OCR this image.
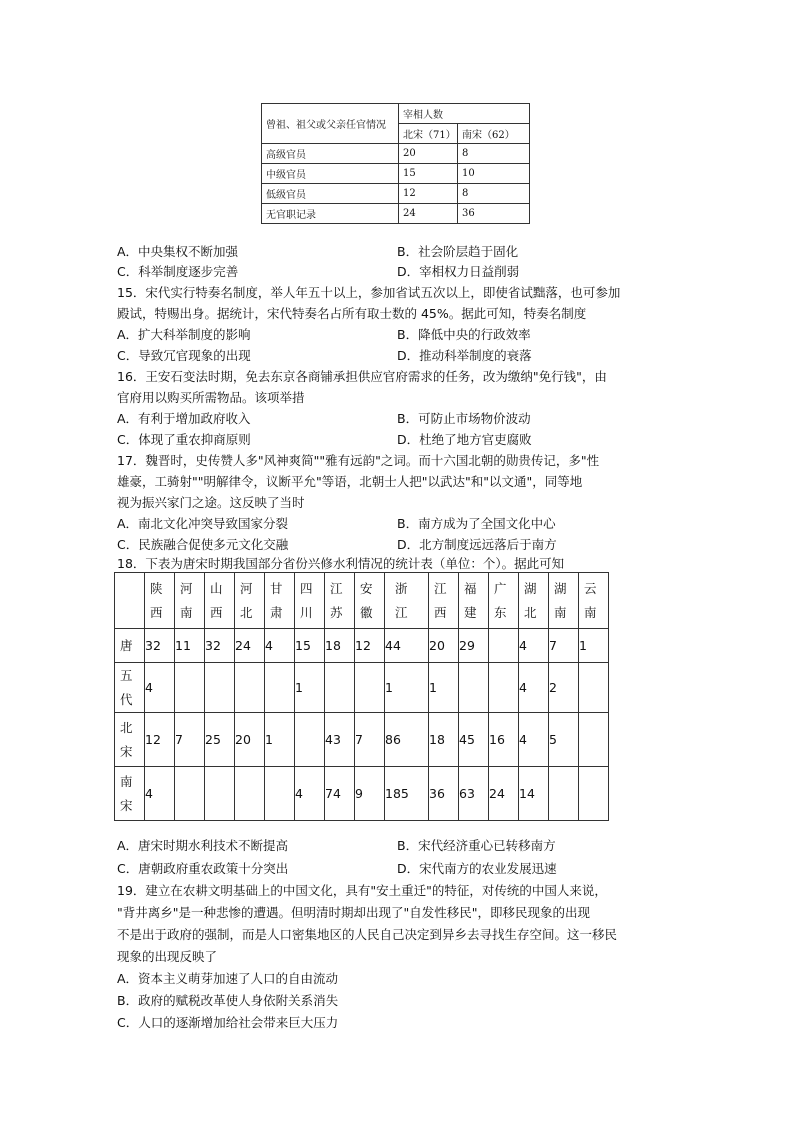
曾祖、祖父或父亲任官情况	宰相人数	
	北宋（71）	南宋（62）
高级官员	20	8
中级官员	15	10
低级官员	12	8
无官职记录	24	36
A．中央集权不断加强	B．社会阶层趋于固化
C．科举制度逐步完善	D．宰相权力日益削弱
15．宋代实行特奏名制度，举人年五十以上，参加省试五次以上，即使省试黜落，也可参加
殿试，特赐出身。据统计，宋代特奏名占所有取士数的 45%。据此可知，特奏名制度
A．扩大科举制度的影响	B．降低中央的行政效率
C．导致冗官现象的出现	D．推动科举制度的衰落
16．王安石变法时期，免去东京各商铺承担供应官府需求的任务，改为缴纳"免行钱"，由
官府用以购买所需物品。该项举措
A．有利于增加政府收入	B．可防止市场物价波动
C．体现了重农抑商原则	D．杜绝了地方官吏腐败
17．魏晋时，史传赞人多"风神爽简""雅有远韵"之词。而十六国北朝的勋贵传记，多"性
雄豪，工骑射""明解律令，议断平允"等语，北朝士人把"以武达"和"以文通"，同等地
视为振兴家门之途。这反映了当时
A．南北文化冲突导致国家分裂	B．南方成为了全国文化中心
C．民族融合促使多元文化交融	D．北方制度远远落后于南方
18．下表为唐宋时期我国部分省份兴修水利情况的统计表（单位：个）。据此可知

	陕西	河南	山西	河北	甘肃	四川	江苏	安徽	浙江	江西	福建	广东	湖北	湖南	云南

唐	32	11	32	24	4	15	18	12	44	20	29		4	7	1

五代	4					1			1	1			4	2	

北宋	12	7	25	20	1		43	7	86	18	45	16	4	5	

南宋	4					4	74	9	185	36	63	24	14		
A．唐宋时期水利技术不断提高	B．宋代经济重心已转移南方
C．唐朝政府重农政策十分突出	D．宋代南方的农业发展迅速
19．建立在农耕文明基础上的中国文化，具有"安土重迁"的特征，对传统的中国人来说，
"背井离乡"是一种悲惨的遭遇。但明清时期却出现了"自发性移民"，即移民现象的出现
不是出于政府的强制，而是人口密集地区的人民自己决定到异乡去寻找生存空间。这一移民
现象的出现反映了
A．资本主义萌芽加速了人口的自由流动
B．政府的赋税改革使人身依附关系消失
C．人口的逐渐增加给社会带来巨大压力
